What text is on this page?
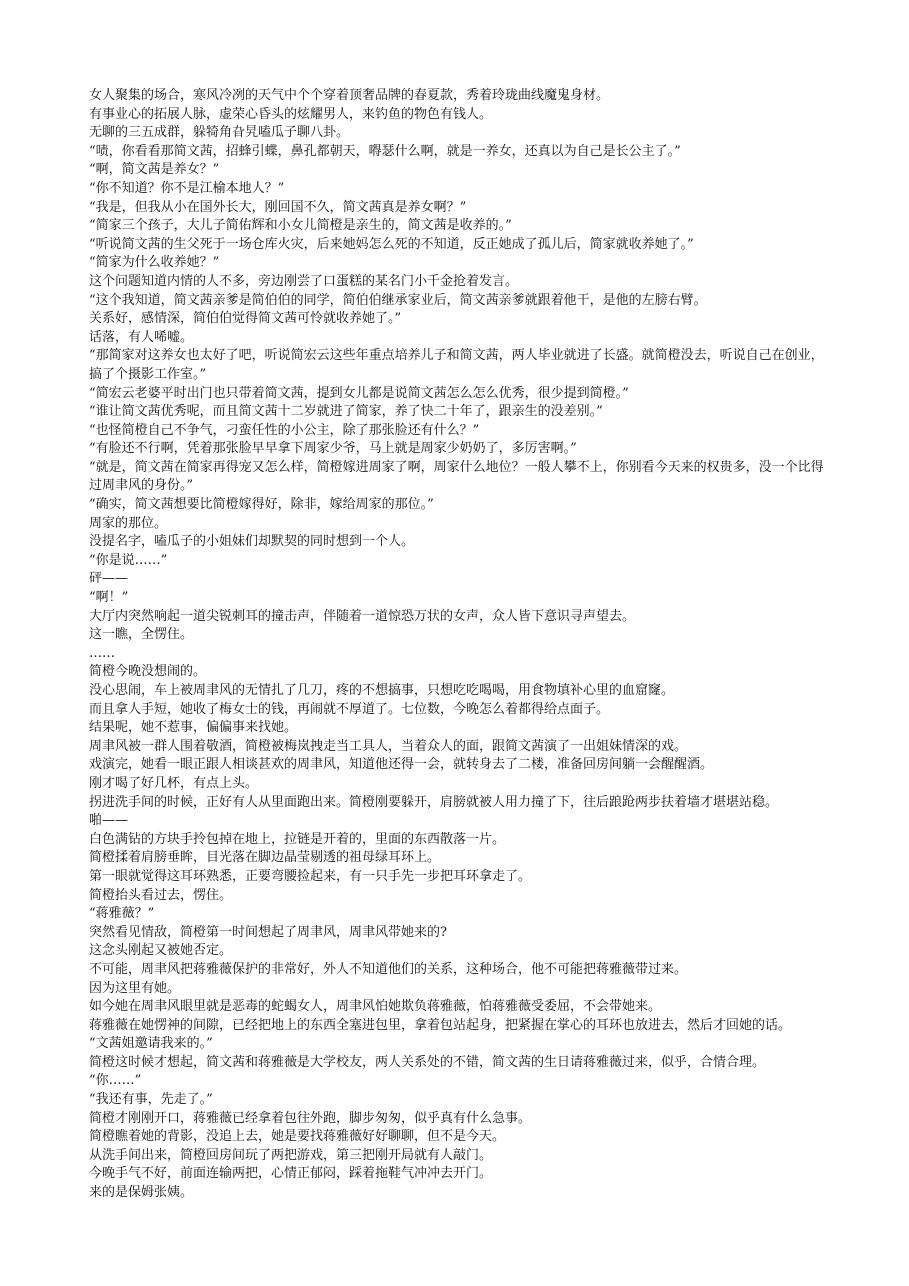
女人聚集的场合，寒风冷冽的天气中个个穿着顶奢品牌的春夏款，秀着玲珑曲线魔鬼身材。
有事业心的拓展人脉，虚荣心昏头的炫耀男人，来钓鱼的物色有钱人。
无聊的三五成群，躲犄角旮旯嗑瓜子聊八卦。
“啧，你看看那简文茜，招蜂引蝶，鼻孔都朝天，嘚瑟什么啊，就是一养女，还真以为自己是长公主了。”
“啊，简文茜是养女？”
“你不知道？你不是江榆本地人？”
“我是，但我从小在国外长大，刚回国不久，简文茜真是养女啊？”
“简家三个孩子，大儿子简佑辉和小女儿简橙是亲生的，简文茜是收养的。”
“听说简文茜的生父死于一场仓库火灾，后来她妈怎么死的不知道，反正她成了孤儿后，简家就收养她了。”
“简家为什么收养她？”
这个问题知道内情的人不多，旁边刚尝了口蛋糕的某名门小千金抢着发言。
“这个我知道，简文茜亲爹是简伯伯的同学，简伯伯继承家业后，简文茜亲爹就跟着他干，是他的左膀右臂。
关系好，感情深，简伯伯觉得简文茜可怜就收养她了。”
话落，有人唏嘘。
“那简家对这养女也太好了吧，听说简宏云这些年重点培养儿子和简文茜，两人毕业就进了长盛。就简橙没去，听说自己在创业，搞了个摄影工作室。”
“简宏云老婆平时出门也只带着简文茜，提到女儿都是说简文茜怎么怎么优秀，很少提到简橙。”
“谁让简文茜优秀呢，而且简文茜十二岁就进了简家，养了快二十年了，跟亲生的没差别。”
“也怪简橙自己不争气，刁蛮任性的小公主，除了那张脸还有什么？”
“有脸还不行啊，凭着那张脸早早拿下周家少爷，马上就是周家少奶奶了，多厉害啊。”
“就是，简文茜在简家再得宠又怎么样，简橙嫁进周家了啊，周家什么地位？一般人攀不上，你别看今天来的权贵多，没一个比得过周聿风的身份。”
“确实，简文茜想要比简橙嫁得好，除非，嫁给周家的那位。”
周家的那位。
没提名字，嗑瓜子的小姐妹们却默契的同时想到一个人。
“你是说……”
砰——
“啊！”
大厅内突然响起一道尖锐刺耳的撞击声，伴随着一道惊恐万状的女声，众人皆下意识寻声望去。
这一瞧，全愣住。
……
简橙今晚没想闹的。
没心思闹，车上被周聿风的无情扎了几刀，疼的不想搞事，只想吃吃喝喝，用食物填补心里的血窟窿。
而且拿人手短，她收了梅女士的钱，再闹就不厚道了。七位数，今晚怎么着都得给点面子。
结果呢，她不惹事，偏偏事来找她。
周聿风被一群人围着敬酒，简橙被梅岚拽走当工具人，当着众人的面，跟简文茜演了一出姐妹情深的戏。
戏演完，她看一眼正跟人相谈甚欢的周聿风，知道他还得一会，就转身去了二楼，准备回房间躺一会醒醒酒。
刚才喝了好几杯，有点上头。
拐进洗手间的时候，正好有人从里面跑出来。简橙刚要躲开，肩膀就被人用力撞了下，往后踉跄两步扶着墙才堪堪站稳。
啪——
白色满钻的方块手拎包掉在地上，拉链是开着的，里面的东西散落一片。
简橙揉着肩膀垂眸，目光落在脚边晶莹剔透的祖母绿耳环上。
第一眼就觉得这耳环熟悉，正要弯腰捡起来，有一只手先一步把耳环拿走了。
简橙抬头看过去，愣住。
“蒋雅薇？”
突然看见情敌，简橙第一时间想起了周聿风，周聿风带她来的?
这念头刚起又被她否定。
不可能，周聿风把蒋雅薇保护的非常好，外人不知道他们的关系，这种场合，他不可能把蒋雅薇带过来。
因为这里有她。
如今她在周聿风眼里就是恶毒的蛇蝎女人，周聿风怕她欺负蒋雅薇，怕蒋雅薇受委屈，不会带她来。
蒋雅薇在她愣神的间隙，已经把地上的东西全塞进包里，拿着包站起身，把紧握在掌心的耳环也放进去，然后才回她的话。
“文茜姐邀请我来的。”
简橙这时候才想起，简文茜和蒋雅薇是大学校友，两人关系处的不错，简文茜的生日请蒋雅薇过来，似乎，合情合理。
“你……”
“我还有事，先走了。”
简橙才刚刚开口，蒋雅薇已经拿着包往外跑，脚步匆匆，似乎真有什么急事。
简橙瞧着她的背影，没追上去，她是要找蒋雅薇好好聊聊，但不是今天。
从洗手间出来，简橙回房间玩了两把游戏，第三把刚开局就有人敲门。
今晚手气不好，前面连输两把，心情正郁闷，踩着拖鞋气冲冲去开门。
来的是保姆张姨。
